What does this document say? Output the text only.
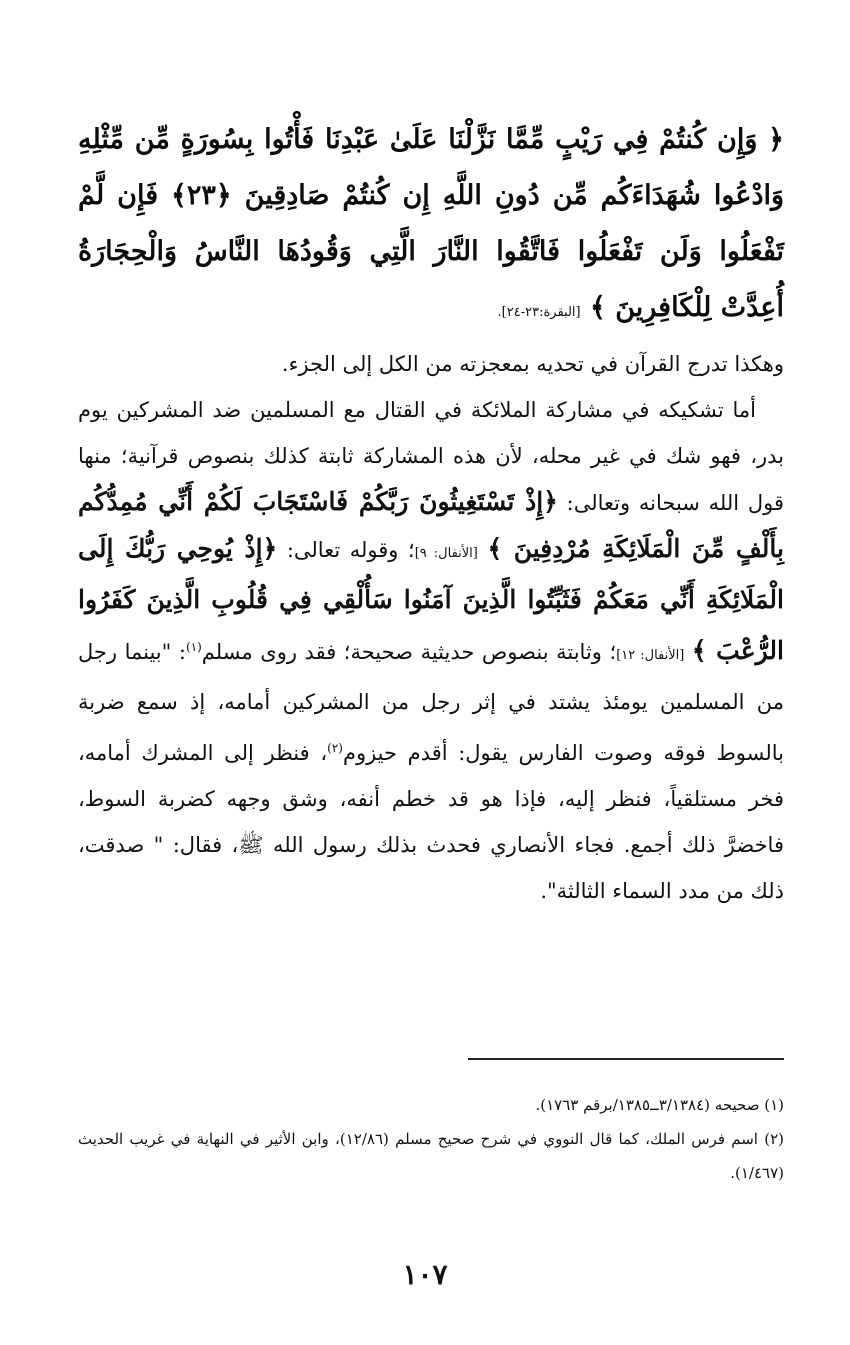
﴿ وَإِن كُنتُمْ فِي رَيْبٍ مِّمَّا نَزَّلْنَا عَلَىٰ عَبْدِنَا فَأْتُوا بِسُورَةٍ مِّن مِّثْلِهِ وَادْعُوا شُهَدَاءَكُم مِّن دُونِ اللَّهِ إِن كُنتُمْ صَادِقِينَ ﴿٢٣﴾ فَإِن لَّمْ تَفْعَلُوا وَلَن تَفْعَلُوا فَاتَّقُوا النَّارَ الَّتِي وَقُودُهَا النَّاسُ وَالْحِجَارَةُ أُعِدَّتْ لِلْكَافِرِينَ ﴾ [البقرة:٢٣-٢٤].

وهكذا تدرج القرآن في تحديه بمعجزته من الكل إلى الجزء.

أما تشكيكه في مشاركة الملائكة في القتال مع المسلمين ضد المشركين يوم بدر، فهو شك في غير محله، لأن هذه المشاركة ثابتة كذلك بنصوص قرآنية؛ منها قول الله سبحانه وتعالى: ﴿إِذْ تَسْتَغِيثُونَ رَبَّكُمْ فَاسْتَجَابَ لَكُمْ أَنِّي مُمِدُّكُم بِأَلْفٍ مِّنَ الْمَلَائِكَةِ مُرْدِفِينَ ﴾ [الأنفال: ٩]؛ وقوله تعالى: ﴿إِذْ يُوحِي رَبُّكَ إِلَى الْمَلَائِكَةِ أَنِّي مَعَكُمْ فَثَبِّتُوا الَّذِينَ آمَنُوا سَأُلْقِي فِي قُلُوبِ الَّذِينَ كَفَرُوا الرُّعْبَ ﴾ [الأنفال: ١٢]؛ وثابتة بنصوص حديثية صحيحة؛ فقد روى مسلم$^{(١)}$: "بينما رجل من المسلمين يومئذ يشتد في إثر رجل من المشركين أمامه، إذ سمع ضربة بالسوط فوقه وصوت الفارس يقول: أقدم حيزوم$^{(٢)}$، فنظر إلى المشرك أمامه، فخر مستلقياً، فنظر إليه، فإذا هو قد خطم أنفه، وشق وجهه كضربة السوط، فاخضرَّ ذلك أجمع. فجاء الأنصاري فحدث بذلك رسول الله ﷺ، فقال: " صدقت، ذلك من مدد السماء الثالثة".

(١) صحيحه (٣/١٣٨٤ــ١٣٨٥/برقم ١٧٦٣).

(٢) اسم فرس الملك، كما قال النووي في شرح صحيح مسلم (١٢/٨٦)، وابن الأثير في النهاية في غريب الحديث (١/٤٦٧).

١٠٧
